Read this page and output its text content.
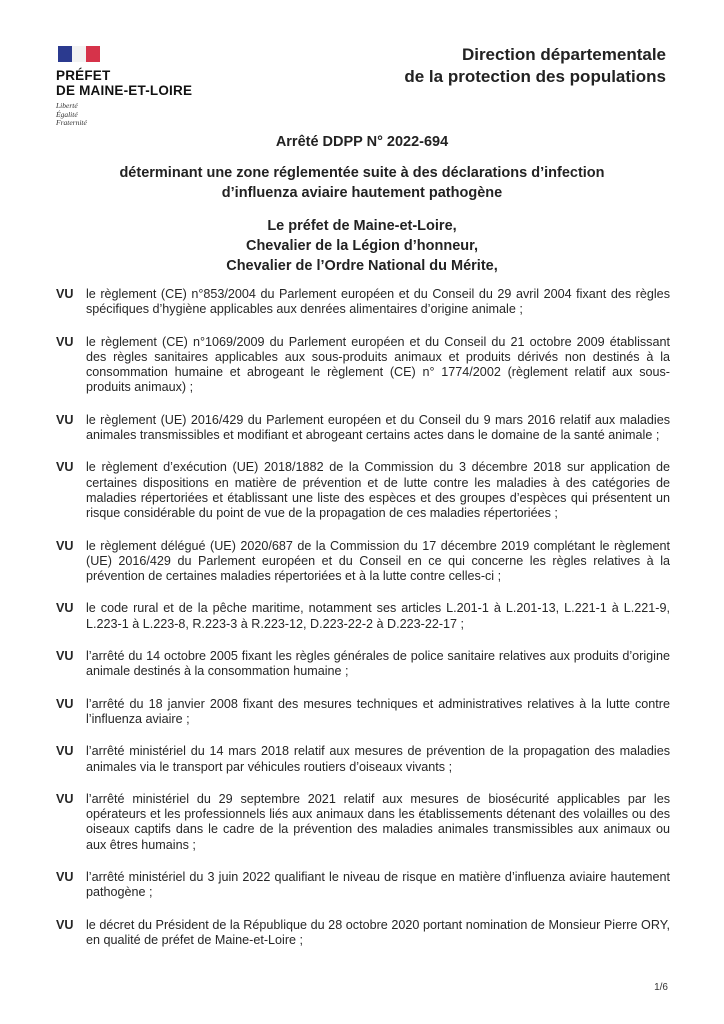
PRÉFET
DE MAINE-ET-LOIRE
Liberté
Égalité
Fraternité
Direction départementale
de la protection des populations
Arrêté DDPP N° 2022-694
déterminant une zone réglementée suite à des déclarations d’infection
d’influenza aviaire hautement pathogène
Le préfet de Maine-et-Loire,
Chevalier de la Légion d’honneur,
Chevalier de l’Ordre National du Mérite,
VU le règlement (CE) n°853/2004 du Parlement européen et du Conseil du 29 avril 2004 fixant des règles spécifiques d’hygiène applicables aux denrées alimentaires d’origine animale ;
VU le règlement (CE) n°1069/2009 du Parlement européen et du Conseil du 21 octobre 2009 établissant des règles sanitaires applicables aux sous-produits animaux et produits dérivés non destinés à la consommation humaine et abrogeant le règlement (CE) n° 1774/2002 (règlement relatif aux sous-produits animaux) ;
VU le règlement (UE) 2016/429 du Parlement européen et du Conseil du 9 mars 2016 relatif aux maladies animales transmissibles et modifiant et abrogeant certains actes dans le domaine de la santé animale ;
VU le règlement d’exécution (UE) 2018/1882 de la Commission du 3 décembre 2018 sur application de certaines dispositions en matière de prévention et de lutte contre les maladies à des catégories de maladies répertoriées et établissant une liste des espèces et des groupes d’espèces qui présentent un risque considérable du point de vue de la propagation de ces maladies répertoriées ;
VU le règlement délégué (UE) 2020/687 de la Commission du 17 décembre 2019 complétant le règlement (UE) 2016/429 du Parlement européen et du Conseil en ce qui concerne les règles relatives à la prévention de certaines maladies répertoriées et à la lutte contre celles-ci ;
VU le code rural et de la pêche maritime, notamment ses articles L.201-1 à L.201-13, L.221-1 à L.221-9, L.223-1 à L.223-8, R.223-3 à R.223-12, D.223-22-2 à D.223-22-17 ;
VU l’arrêté du 14 octobre 2005 fixant les règles générales de police sanitaire relatives aux produits d’origine animale destinés à la consommation humaine ;
VU l’arrêté du 18 janvier 2008 fixant des mesures techniques et administratives relatives à la lutte contre l’influenza aviaire ;
VU l’arrêté ministériel du 14 mars 2018 relatif aux mesures de prévention de la propagation des maladies animales via le transport par véhicules routiers d’oiseaux vivants ;
VU l’arrêté ministériel du 29 septembre 2021 relatif aux mesures de biosécurité applicables par les opérateurs et les professionnels liés aux animaux dans les établissements détenant des volailles ou des oiseaux captifs dans le cadre de la prévention des maladies animales transmissibles aux animaux ou aux êtres humains ;
VU l’arrêté ministériel du 3 juin 2022 qualifiant le niveau de risque en matière d’influenza aviaire hautement pathogène ;
VU le décret du Président de la République du 28 octobre 2020 portant nomination de Monsieur Pierre ORY, en qualité de préfet de Maine-et-Loire ;
1/6
